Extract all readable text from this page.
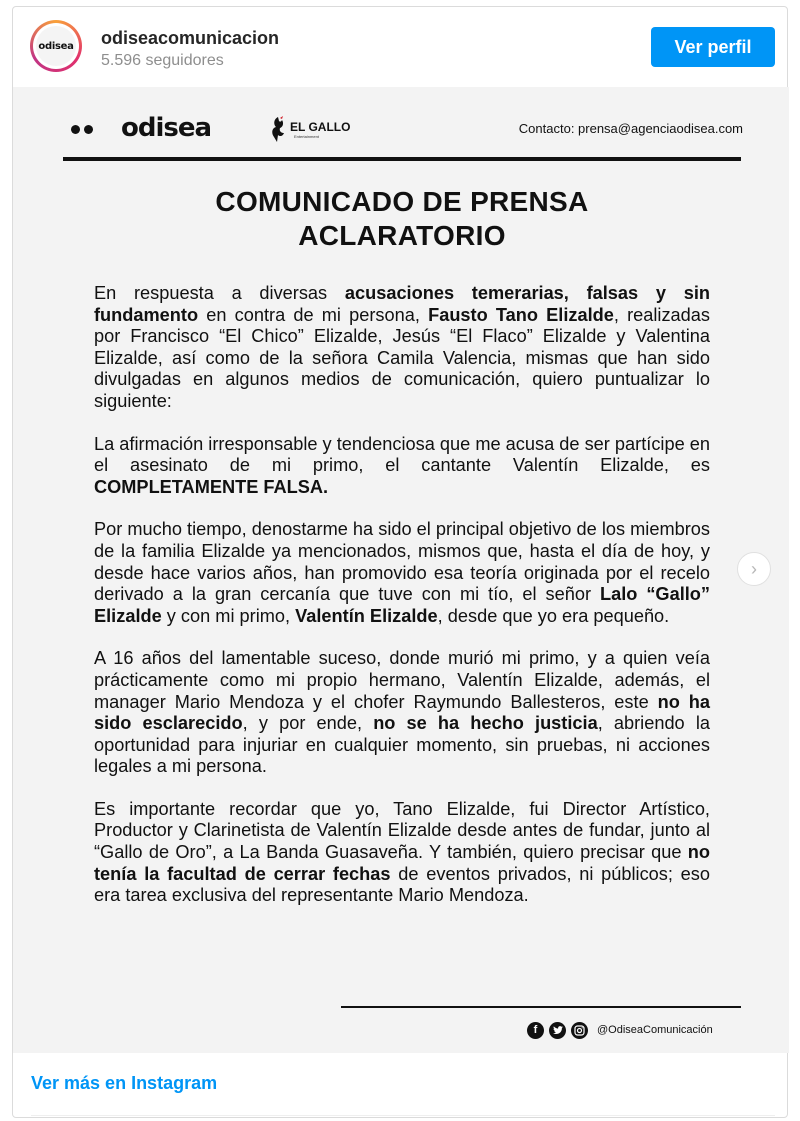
odisea odiseacomunicacion
5.596 seguidores
Ver perfil
odisea	EL GALLO
Entertainment
Contacto: prensa@agenciaodisea.com
COMUNICADO DE PRENSA
ACLARATORIO

En respuesta a diversas acusaciones temerarias, falsas y sin fundamento en contra de mi persona, Fausto Tano Elizalde, realizadas por Francisco “El Chico” Elizalde, Jesús “El Flaco” Elizalde y Valentina Elizalde, así como de la señora Camila Valencia, mismas que han sido divulgadas en algunos medios de comunicación, quiero puntualizar lo siguiente:

La afirmación irresponsable y tendenciosa que me acusa de ser partícipe en el asesinato de mi primo, el cantante Valentín Elizalde, es COMPLETAMENTE FALSA.

Por mucho tiempo, denostarme ha sido el principal objetivo de los miembros de la familia Elizalde ya mencionados, mismos que, hasta el día de hoy, y desde hace varios años, han promovido esa teoría originada por el recelo derivado a la gran cercanía que tuve con mi tío, el señor Lalo “Gallo” Elizalde y con mi primo, Valentín Elizalde, desde que yo era pequeño.

A 16 años del lamentable suceso, donde murió mi primo, y a quien veía prácticamente como mi propio hermano, Valentín Elizalde, además, el manager Mario Mendoza y el chofer Raymundo Ballesteros, este no ha sido esclarecido, y por ende, no se ha hecho justicia, abriendo la oportunidad para injuriar en cualquier momento, sin pruebas, ni acciones legales a mi persona.

Es importante recordar que yo, Tano Elizalde, fui Director Artístico, Productor y Clarinetista de Valentín Elizalde desde antes de fundar, junto al “Gallo de Oro”, a La Banda Guasaveña. Y también, quiero precisar que no tenía la facultad de cerrar fechas de eventos privados, ni públicos; eso era tarea exclusiva del representante Mario Mendoza.

f	@OdiseaComunicación
›
Ver más en Instagram
